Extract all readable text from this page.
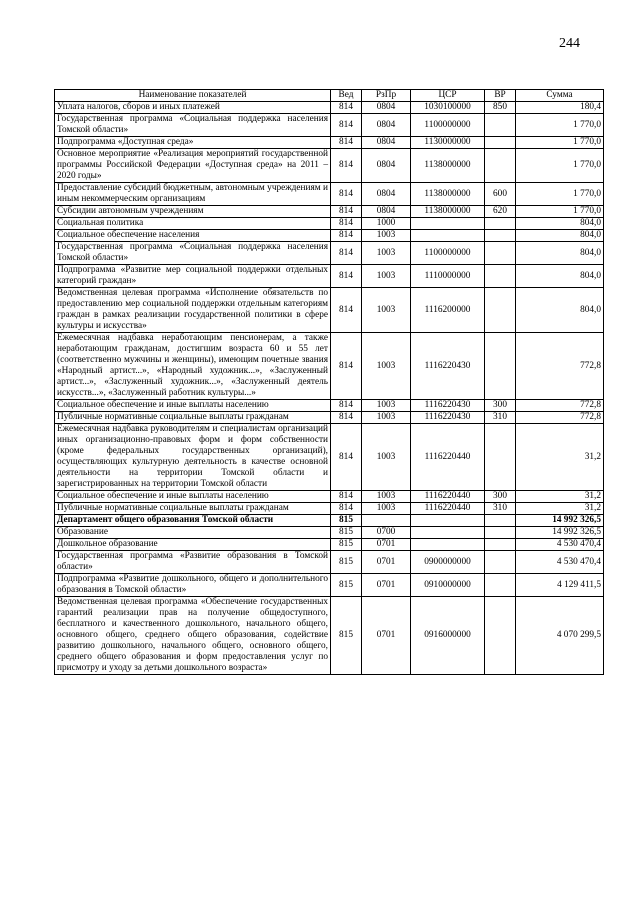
244
Наименование показателей	Вед	РзПр	ЦСР	ВР	Сумма
Уплата налогов, сборов и иных платежей	814	0804	1030100000	850	180,4
Государственная программа «Социальная поддержка населения Томской области»	814	0804	1100000000		1 770,0
Подпрограмма «Доступная среда»	814	0804	1130000000		1 770,0
Основное мероприятие «Реализация мероприятий государственной программы Российской Федерации «Доступная среда» на 2011 – 2020 годы»	814	0804	1138000000		1 770,0
Предоставление субсидий бюджетным, автономным учреждениям и иным некоммерческим организациям	814	0804	1138000000	600	1 770,0
Субсидии автономным учреждениям	814	0804	1138000000	620	1 770,0
Социальная политика	814	1000			804,0
Социальное обеспечение населения	814	1003			804,0
Государственная программа «Социальная поддержка населения Томской области»	814	1003	1100000000		804,0
Подпрограмма «Развитие мер социальной поддержки отдельных категорий граждан»	814	1003	1110000000		804,0
Ведомственная целевая программа «Исполнение обязательств по предоставлению мер социальной поддержки отдельным категориям граждан в рамках реализации государственной политики в сфере культуры и искусства»	814	1003	1116200000		804,0
Ежемесячная надбавка неработающим пенсионерам, а также неработающим гражданам, достигшим возраста 60 и 55 лет (соответственно мужчины и женщины), имеющим почетные звания «Народный артист...», «Народный художник...», «Заслуженный артист...», «Заслуженный художник...», «Заслуженный деятель искусств...», «Заслуженный работник культуры...»	814	1003	1116220430		772,8
Социальное обеспечение и иные выплаты населению	814	1003	1116220430	300	772,8
Публичные нормативные социальные выплаты гражданам	814	1003	1116220430	310	772,8
Ежемесячная надбавка руководителям и специалистам организаций иных организационно-правовых форм и форм собственности (кроме федеральных государственных организаций), осуществляющих культурную деятельность в качестве основной деятельности на территории Томской области и зарегистрированных на территории Томской области	814	1003	1116220440		31,2
Социальное обеспечение и иные выплаты населению	814	1003	1116220440	300	31,2
Публичные нормативные социальные выплаты гражданам	814	1003	1116220440	310	31,2
Департамент общего образования Томской области	815				14 992 326,5
Образование	815	0700			14 992 326,5
Дошкольное образование	815	0701			4 530 470,4
Государственная программа «Развитие образования в Томской области»	815	0701	0900000000		4 530 470,4
Подпрограмма «Развитие дошкольного, общего и дополнительного образования в Томской области»	815	0701	0910000000		4 129 411,5
Ведомственная целевая программа «Обеспечение государственных гарантий реализации прав на получение общедоступного, бесплатного и качественного дошкольного, начального общего, основного общего, среднего общего образования, содействие развитию дошкольного, начального общего, основного общего, среднего общего образования и форм предоставления услуг по присмотру и уходу за детьми дошкольного возраста»	815	0701	0916000000		4 070 299,5
